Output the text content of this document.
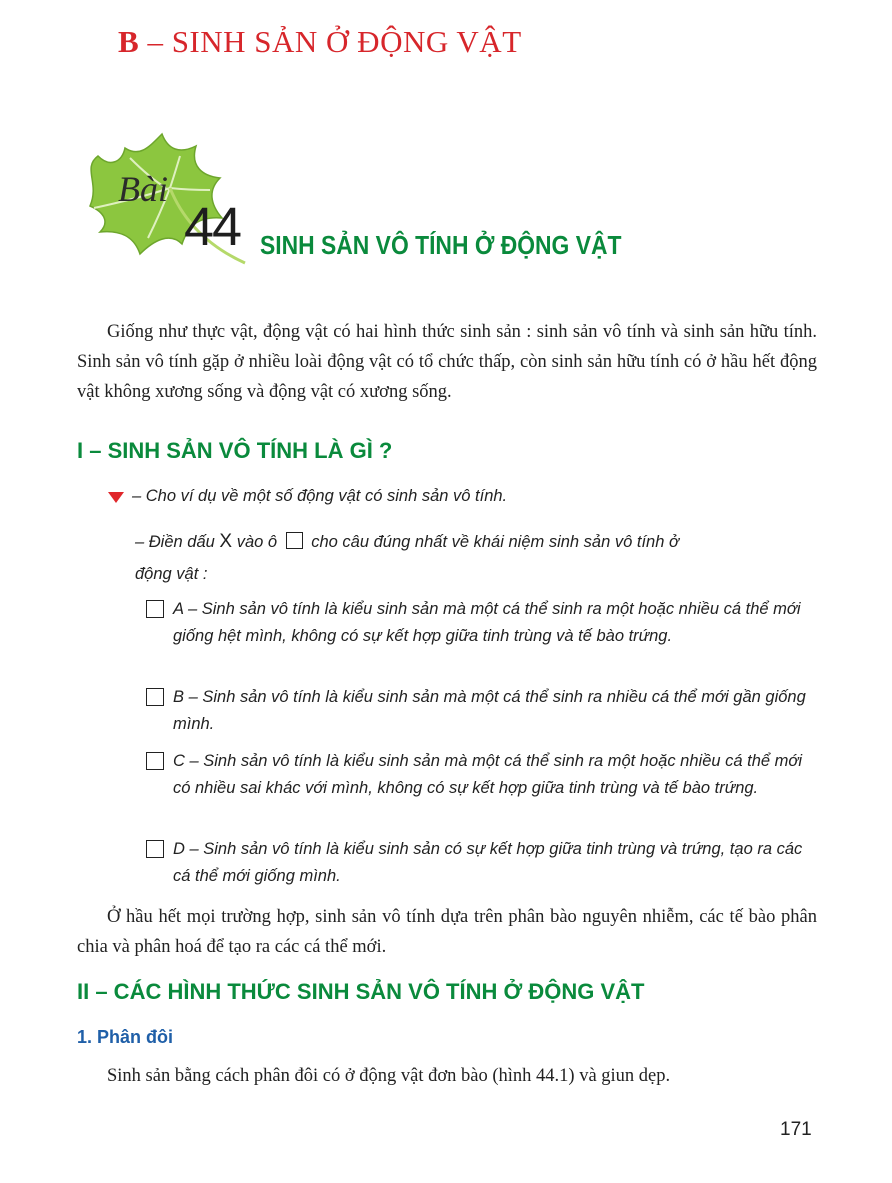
B – SINH SẢN Ở ĐỘNG VẬT
Bài
44 SINH SẢN VÔ TÍNH Ở ĐỘNG VẬT
Giống như thực vật, động vật có hai hình thức sinh sản : sinh sản vô tính và sinh sản hữu tính. Sinh sản vô tính gặp ở nhiều loài động vật có tổ chức thấp, còn sinh sản hữu tính có ở hầu hết động vật không xương sống và động vật có xương sống.
I – SINH SẢN VÔ TÍNH LÀ GÌ ?
– Cho ví dụ về một số động vật có sinh sản vô tính.
– Điền dấu X vào ô cho câu đúng nhất về khái niệm sinh sản vô tính ở
động vật :
A – Sinh sản vô tính là kiểu sinh sản mà một cá thể sinh ra một hoặc nhiều cá thể mới giống hệt mình, không có sự kết hợp giữa tinh trùng và tế bào trứng.
B – Sinh sản vô tính là kiểu sinh sản mà một cá thể sinh ra nhiều cá thể mới gần giống mình.
C – Sinh sản vô tính là kiểu sinh sản mà một cá thể sinh ra một hoặc nhiều cá thể mới có nhiều sai khác với mình, không có sự kết hợp giữa tinh trùng và tế bào trứng.
D – Sinh sản vô tính là kiểu sinh sản có sự kết hợp giữa tinh trùng và trứng, tạo ra các cá thể mới giống mình.
Ở hầu hết mọi trường hợp, sinh sản vô tính dựa trên phân bào nguyên nhiễm, các tế bào phân chia và phân hoá để tạo ra các cá thể mới.
II – CÁC HÌNH THỨC SINH SẢN VÔ TÍNH Ở ĐỘNG VẬT
1. Phân đôi
Sinh sản bằng cách phân đôi có ở động vật đơn bào (hình 44.1) và giun dẹp.
171
